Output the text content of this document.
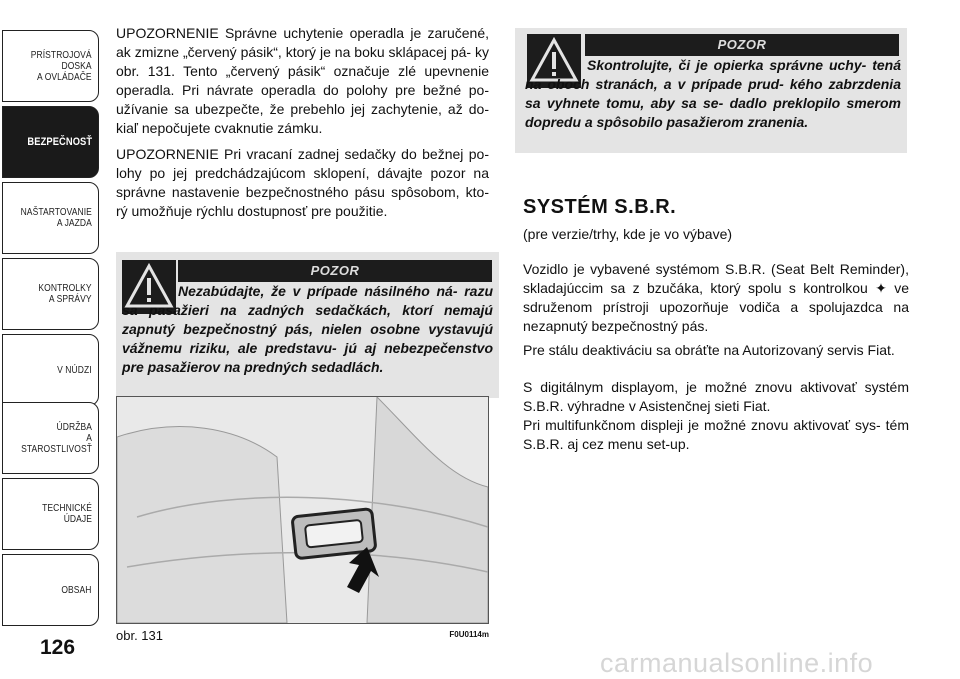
PRÍSTROJOVÁ
DOSKA
A OVLÁDAČE
BEZPEČNOSŤ
NAŠTARTOVANIE
A JAZDA
KONTROLKY
A SPRÁVY
V NÚDZI
ÚDRŽBA
A STAROSTLIVOSŤ
TECHNICKÉ ÚDAJE
OBSAH
126

UPOZORNENIE Správne uchytenie operadla je zaručené, ak zmizne „červený pásik“, ktorý je na boku sklápacej pá- ky obr. 131. Tento „červený pásik“ označuje zlé upevnenie operadla. Pri návrate operadla do polohy pre bežné po- užívanie sa ubezpečte, že prebehlo jej zachytenie, až do- kiaľ nepočujete cvaknutie zámku.

UPOZORNENIE Pri vracaní zadnej sedačky do bežnej po- lohy po jej predchádzajúcom sklopení, dávajte pozor na správne nastavenie bezpečnostného pásu spôsobom, kto- rý umožňuje rýchlu dostupnosť pre použitie.

POZOR

Nezabúdajte, že v prípade násilného ná- razu sa pasažieri na zadných sedačkách, ktorí nemajú zapnutý bezpečnostný pás, nielen osobne vystavujú vážnemu riziku, ale predstavu- jú aj nebezpečenstvo pre pasažierov na predných sedadlách.

obr. 131	F0U0114m
POZOR

Skontrolujte, či je opierka správne uchy- tená na oboch stranách, a v prípade prud- kého zabrzdenia sa vyhnete tomu, aby sa se- dadlo preklopilo smerom dopredu a spôsobilo pasažierom zranenia.

SYSTÉM S.B.R.

(pre verzie/trhy, kde je vo výbave)

Vozidlo je vybavené systémom S.B.R. (Seat Belt Reminder), skladajúccim sa z bzučáka, ktorý spolu s kontrolkou ✦ ve sdruženom prístroji upozorňuje vodiča a spolujazdca na nezapnutý bezpečnostný pás.

Pre stálu deaktiváciu sa obráťte na Autorizovaný servis Fiat.

S digitálnym displayom, je možné znovu aktivovať systém S.B.R. výhradne v Asistenčnej sieti Fiat.

Pri multifunkčnom displeji je možné znovu aktivovať sys- tém S.B.R. aj cez menu set-up.

carmanualsonline.info
